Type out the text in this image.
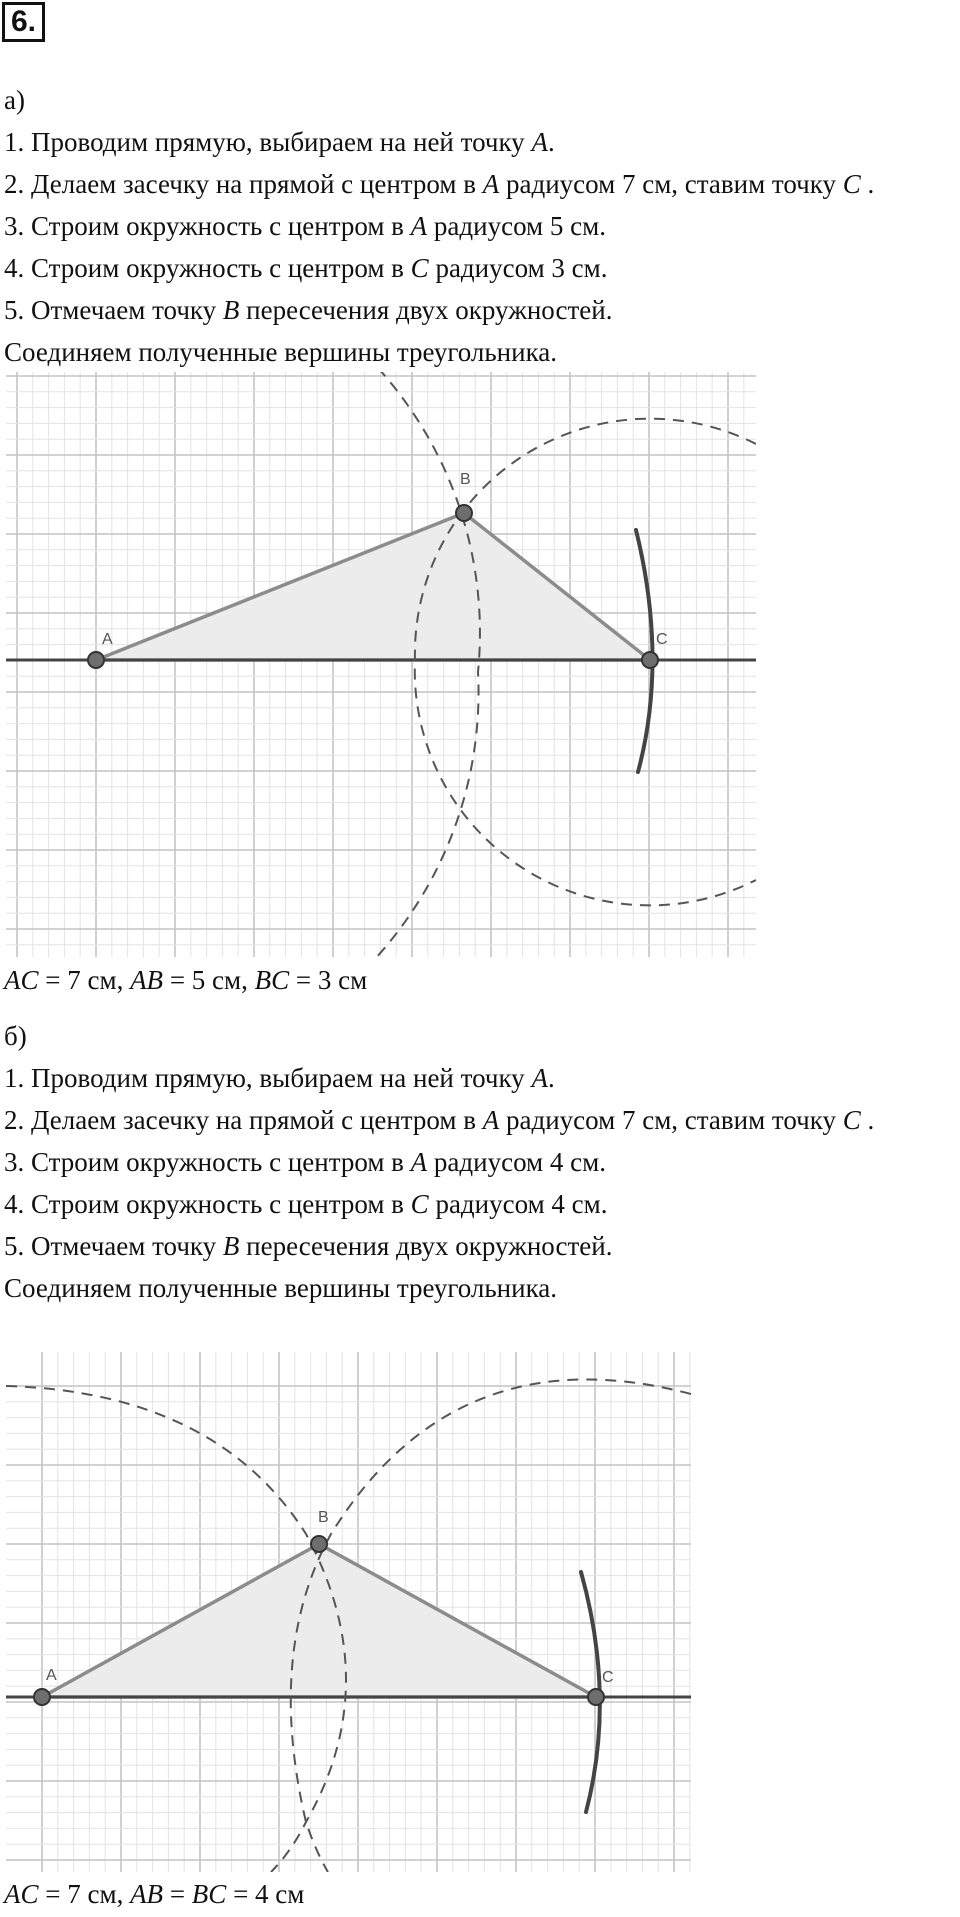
6.
а)
1. Проводим прямую, выбираем на ней точку A.
2. Делаем засечку на прямой с центром в A радиусом 7 см, ставим точку C .
3. Строим окружность с центром в A радиусом 5 см.
4. Строим окружность с центром в C радиусом 3 см.
5. Отмечаем точку B пересечения двух окружностей.
Соединяем полученные вершины треугольника.
A
B
C
AC = 7 см, AB = 5 см, BC = 3 см
б)
1. Проводим прямую, выбираем на ней точку A.
2. Делаем засечку на прямой с центром в A радиусом 7 см, ставим точку C .
3. Строим окружность с центром в A радиусом 4 см.
4. Строим окружность с центром в C радиусом 4 см.
5. Отмечаем точку B пересечения двух окружностей.
Соединяем полученные вершины треугольника.
A
B
C
AC = 7 см, AB = BC = 4 см
